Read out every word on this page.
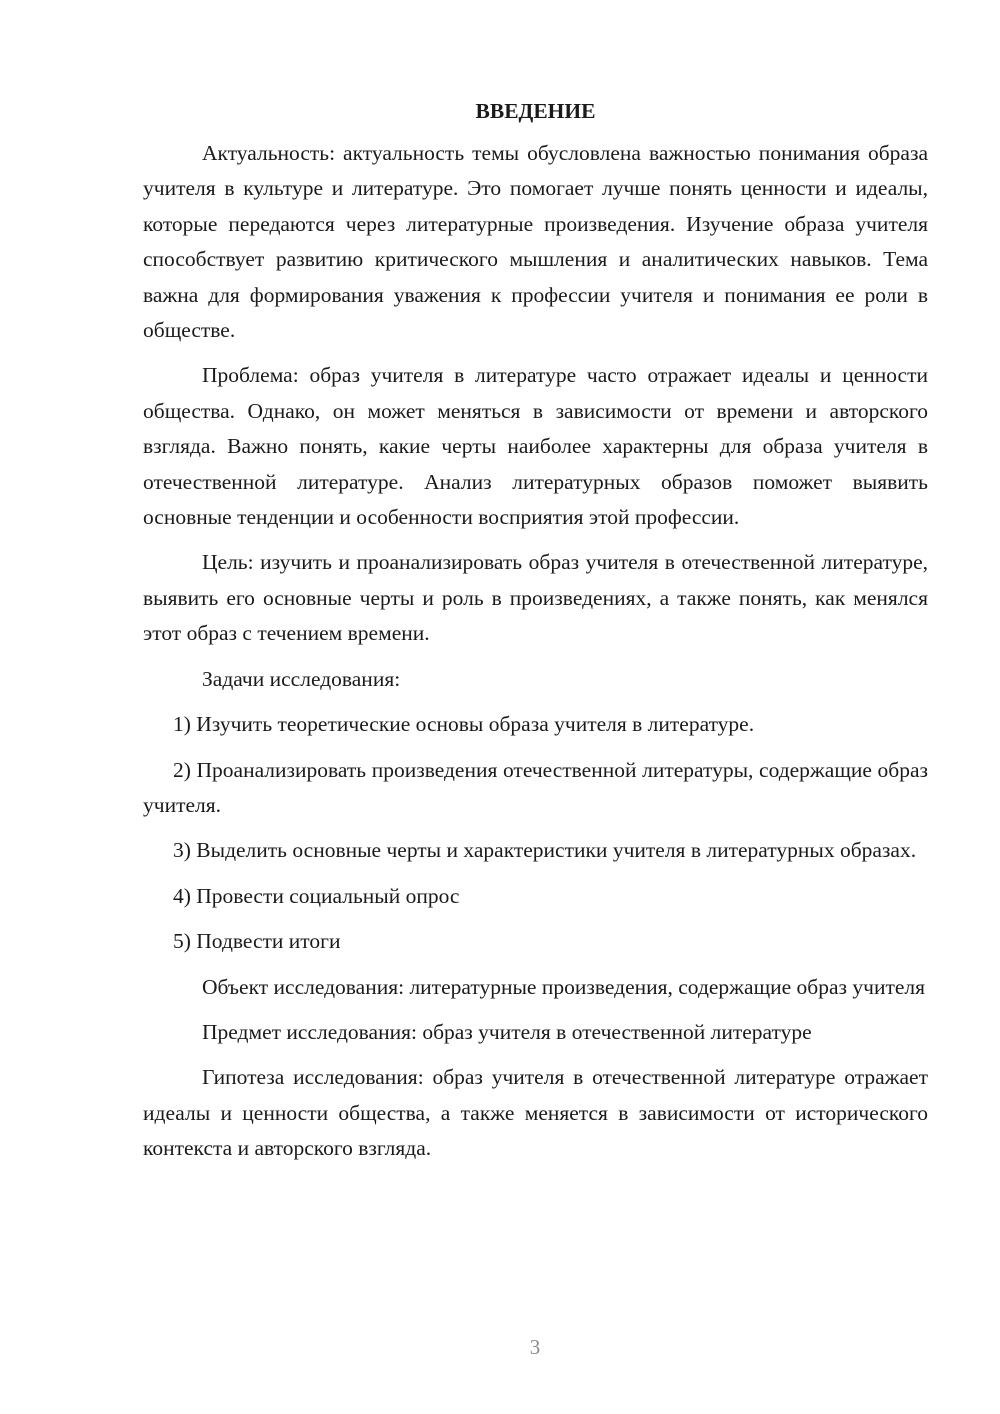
ВВЕДЕНИЕ

Актуальность: актуальность темы обусловлена важностью понимания образа учителя в культуре и литературе. Это помогает лучше понять ценности и идеалы, которые передаются через литературные произведения. Изучение образа учителя способствует развитию критического мышления и аналитических навыков. Тема важна для формирования уважения к профессии учителя и понимания ее роли в обществе.

Проблема: образ учителя в литературе часто отражает идеалы и ценности общества. Однако, он может меняться в зависимости от времени и авторского взгляда. Важно понять, какие черты наиболее характерны для образа учителя в отечественной литературе. Анализ литературных образов поможет выявить основные тенденции и особенности восприятия этой профессии.

Цель: изучить и проанализировать образ учителя в отечественной литературе, выявить его основные черты и роль в произведениях, а также понять, как менялся этот образ с течением времени.

Задачи исследования:

1) Изучить теоретические основы образа учителя в литературе.

2) Проанализировать произведения отечественной литературы, содержащие образ учителя.

3) Выделить основные черты и характеристики учителя в литературных образах.

4) Провести социальный опрос

5) Подвести итоги

Объект исследования: литературные произведения, содержащие образ учителя

Предмет исследования: образ учителя в отечественной литературе

Гипотеза исследования: образ учителя в отечественной литературе отражает идеалы и ценности общества, а также меняется в зависимости от исторического контекста и авторского взгляда.

3
